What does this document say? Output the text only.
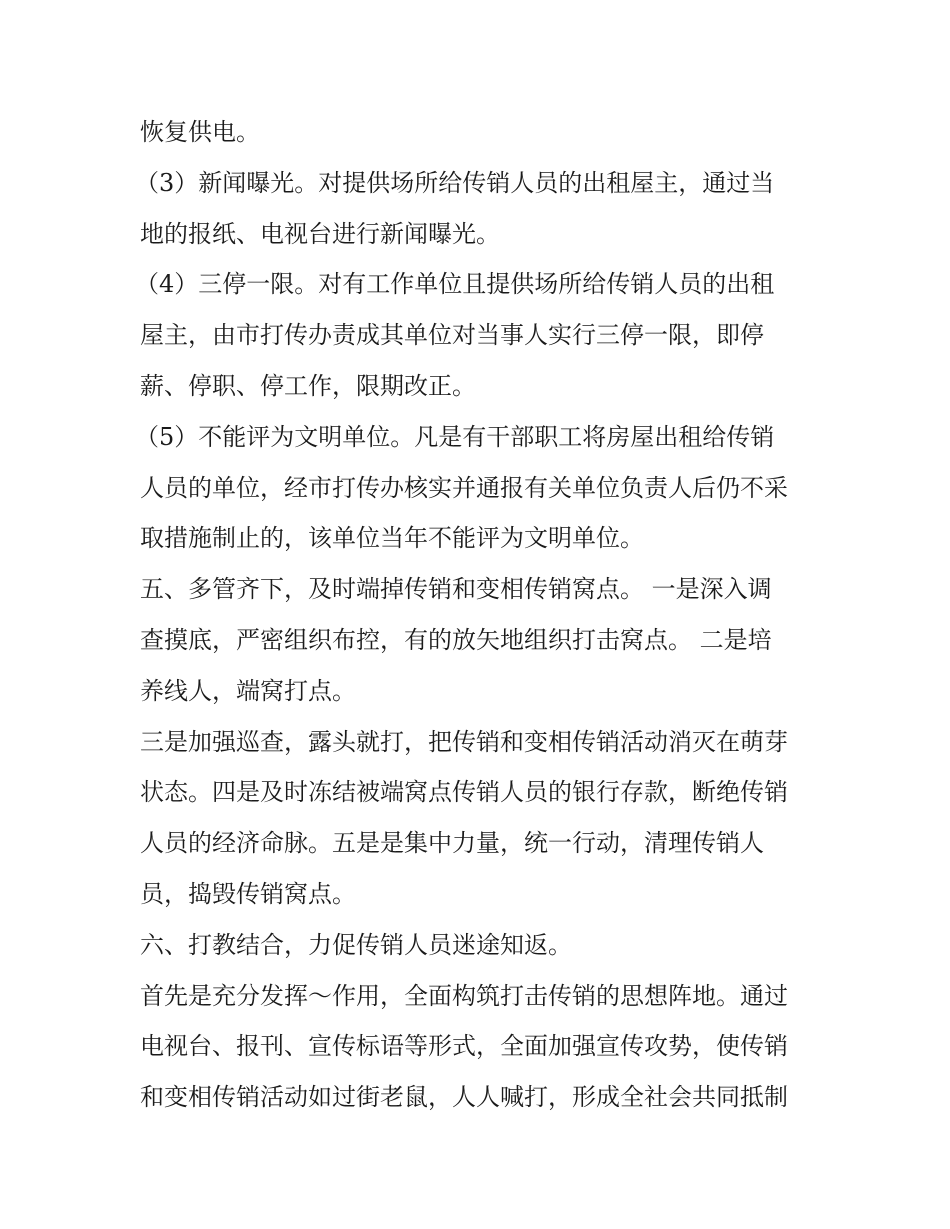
恢复供电。
（3）新闻曝光。对提供场所给传销人员的出租屋主，通过当
地的报纸、电视台进行新闻曝光。
（4）三停一限。对有工作单位且提供场所给传销人员的出租
屋主，由市打传办责成其单位对当事人实行三停一限，即停
薪、停职、停工作，限期改正。
（5）不能评为文明单位。凡是有干部职工将房屋出租给传销
人员的单位，经市打传办核实并通报有关单位负责人后仍不采
取措施制止的，该单位当年不能评为文明单位。
五、多管齐下，及时端掉传销和变相传销窝点。 一是深入调
查摸底，严密组织布控，有的放矢地组织打击窝点。 二是培
养线人，端窝打点。
三是加强巡查，露头就打，把传销和变相传销活动消灭在萌芽
状态。四是及时冻结被端窝点传销人员的银行存款，断绝传销
人员的经济命脉。五是是集中力量，统一行动，清理传销人
员，捣毁传销窝点。
六、打教结合，力促传销人员迷途知返。
首先是充分发挥～作用，全面构筑打击传销的思想阵地。通过
电视台、报刊、宣传标语等形式，全面加强宣传攻势，使传销
和变相传销活动如过街老鼠，人人喊打，形成全社会共同抵制
